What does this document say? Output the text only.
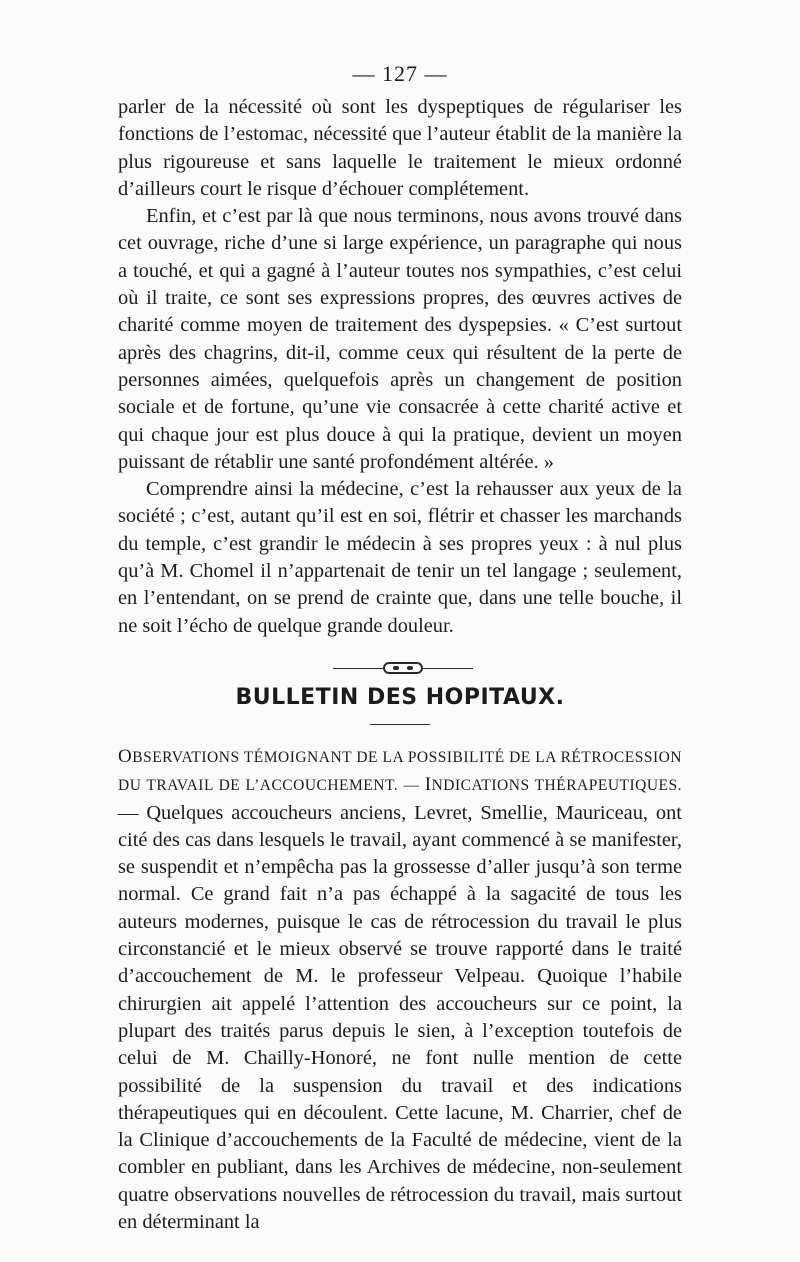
— 127 —

parler de la nécessité où sont les dyspeptiques de régulariser les fonctions de l’estomac, nécessité que l’auteur établit de la manière la plus rigoureuse et sans laquelle le traitement le mieux ordonné d’ailleurs court le risque d’échouer complétement.

Enfin, et c’est par là que nous terminons, nous avons trouvé dans cet ouvrage, riche d’une si large expérience, un paragraphe qui nous a touché, et qui a gagné à l’auteur toutes nos sympathies, c’est celui où il traite, ce sont ses expressions propres, des œuvres actives de charité comme moyen de traitement des dyspepsies. « C’est surtout après des chagrins, dit-il, comme ceux qui résultent de la perte de personnes aimées, quelquefois après un changement de position sociale et de fortune, qu’une vie consacrée à cette charité active et qui chaque jour est plus douce à qui la pratique, devient un moyen puissant de rétablir une santé profondément altérée. »

Comprendre ainsi la médecine, c’est la rehausser aux yeux de la société ; c’est, autant qu’il est en soi, flétrir et chasser les marchands du temple, c’est grandir le médecin à ses propres yeux : à nul plus qu’à M. Chomel il n’appartenait de tenir un tel langage ; seulement, en l’entendant, on se prend de crainte que, dans une telle bouche, il ne soit l’écho de quelque grande douleur.

BULLETIN DES HOPITAUX.

OBSERVATIONS TÉMOIGNANT DE LA POSSIBILITÉ DE LA RÉTROCESSION DU TRAVAIL DE L’ACCOUCHEMENT. — INDICATIONS THÉRAPEUTIQUES. — Quelques accoucheurs anciens, Levret, Smellie, Mauriceau, ont cité des cas dans lesquels le travail, ayant commencé à se manifester, se suspendit et n’empêcha pas la grossesse d’aller jusqu’à son terme normal. Ce grand fait n’a pas échappé à la sagacité de tous les auteurs modernes, puisque le cas de rétrocession du travail le plus circonstancié et le mieux observé se trouve rapporté dans le traité d’accouchement de M. le professeur Velpeau. Quoique l’habile chirurgien ait appelé l’attention des accoucheurs sur ce point, la plupart des traités parus depuis le sien, à l’exception toutefois de celui de M. Chailly-Honoré, ne font nulle mention de cette possibilité de la suspension du travail et des indications thérapeutiques qui en découlent. Cette lacune, M. Charrier, chef de la Clinique d’accouchements de la Faculté de médecine, vient de la combler en publiant, dans les Archives de médecine, non-seulement quatre observations nouvelles de rétrocession du travail, mais surtout en déterminant la
